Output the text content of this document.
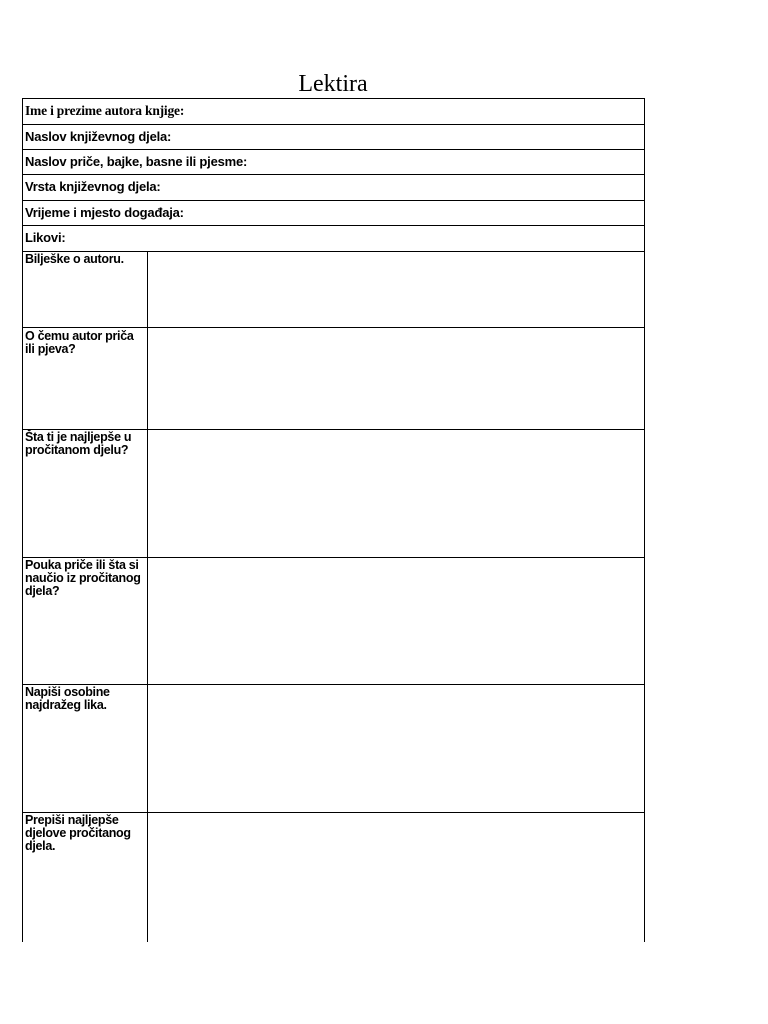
Lektira
Ime i prezime autora knjige:
Naslov književnog djela:
Naslov priče, bajke, basne ili pjesme:
Vrsta književnog djela:
Vrijeme i mjesto događaja:
Likovi:
Bilješke o autoru.
O čemu autor priča ili pjeva?
Šta ti je najljepše u pročitanom djelu?
Pouka priče ili šta si naučio iz pročitanog djela?
Napiši osobine najdražeg lika.
Prepiši najljepše djelove pročitanog djela.
